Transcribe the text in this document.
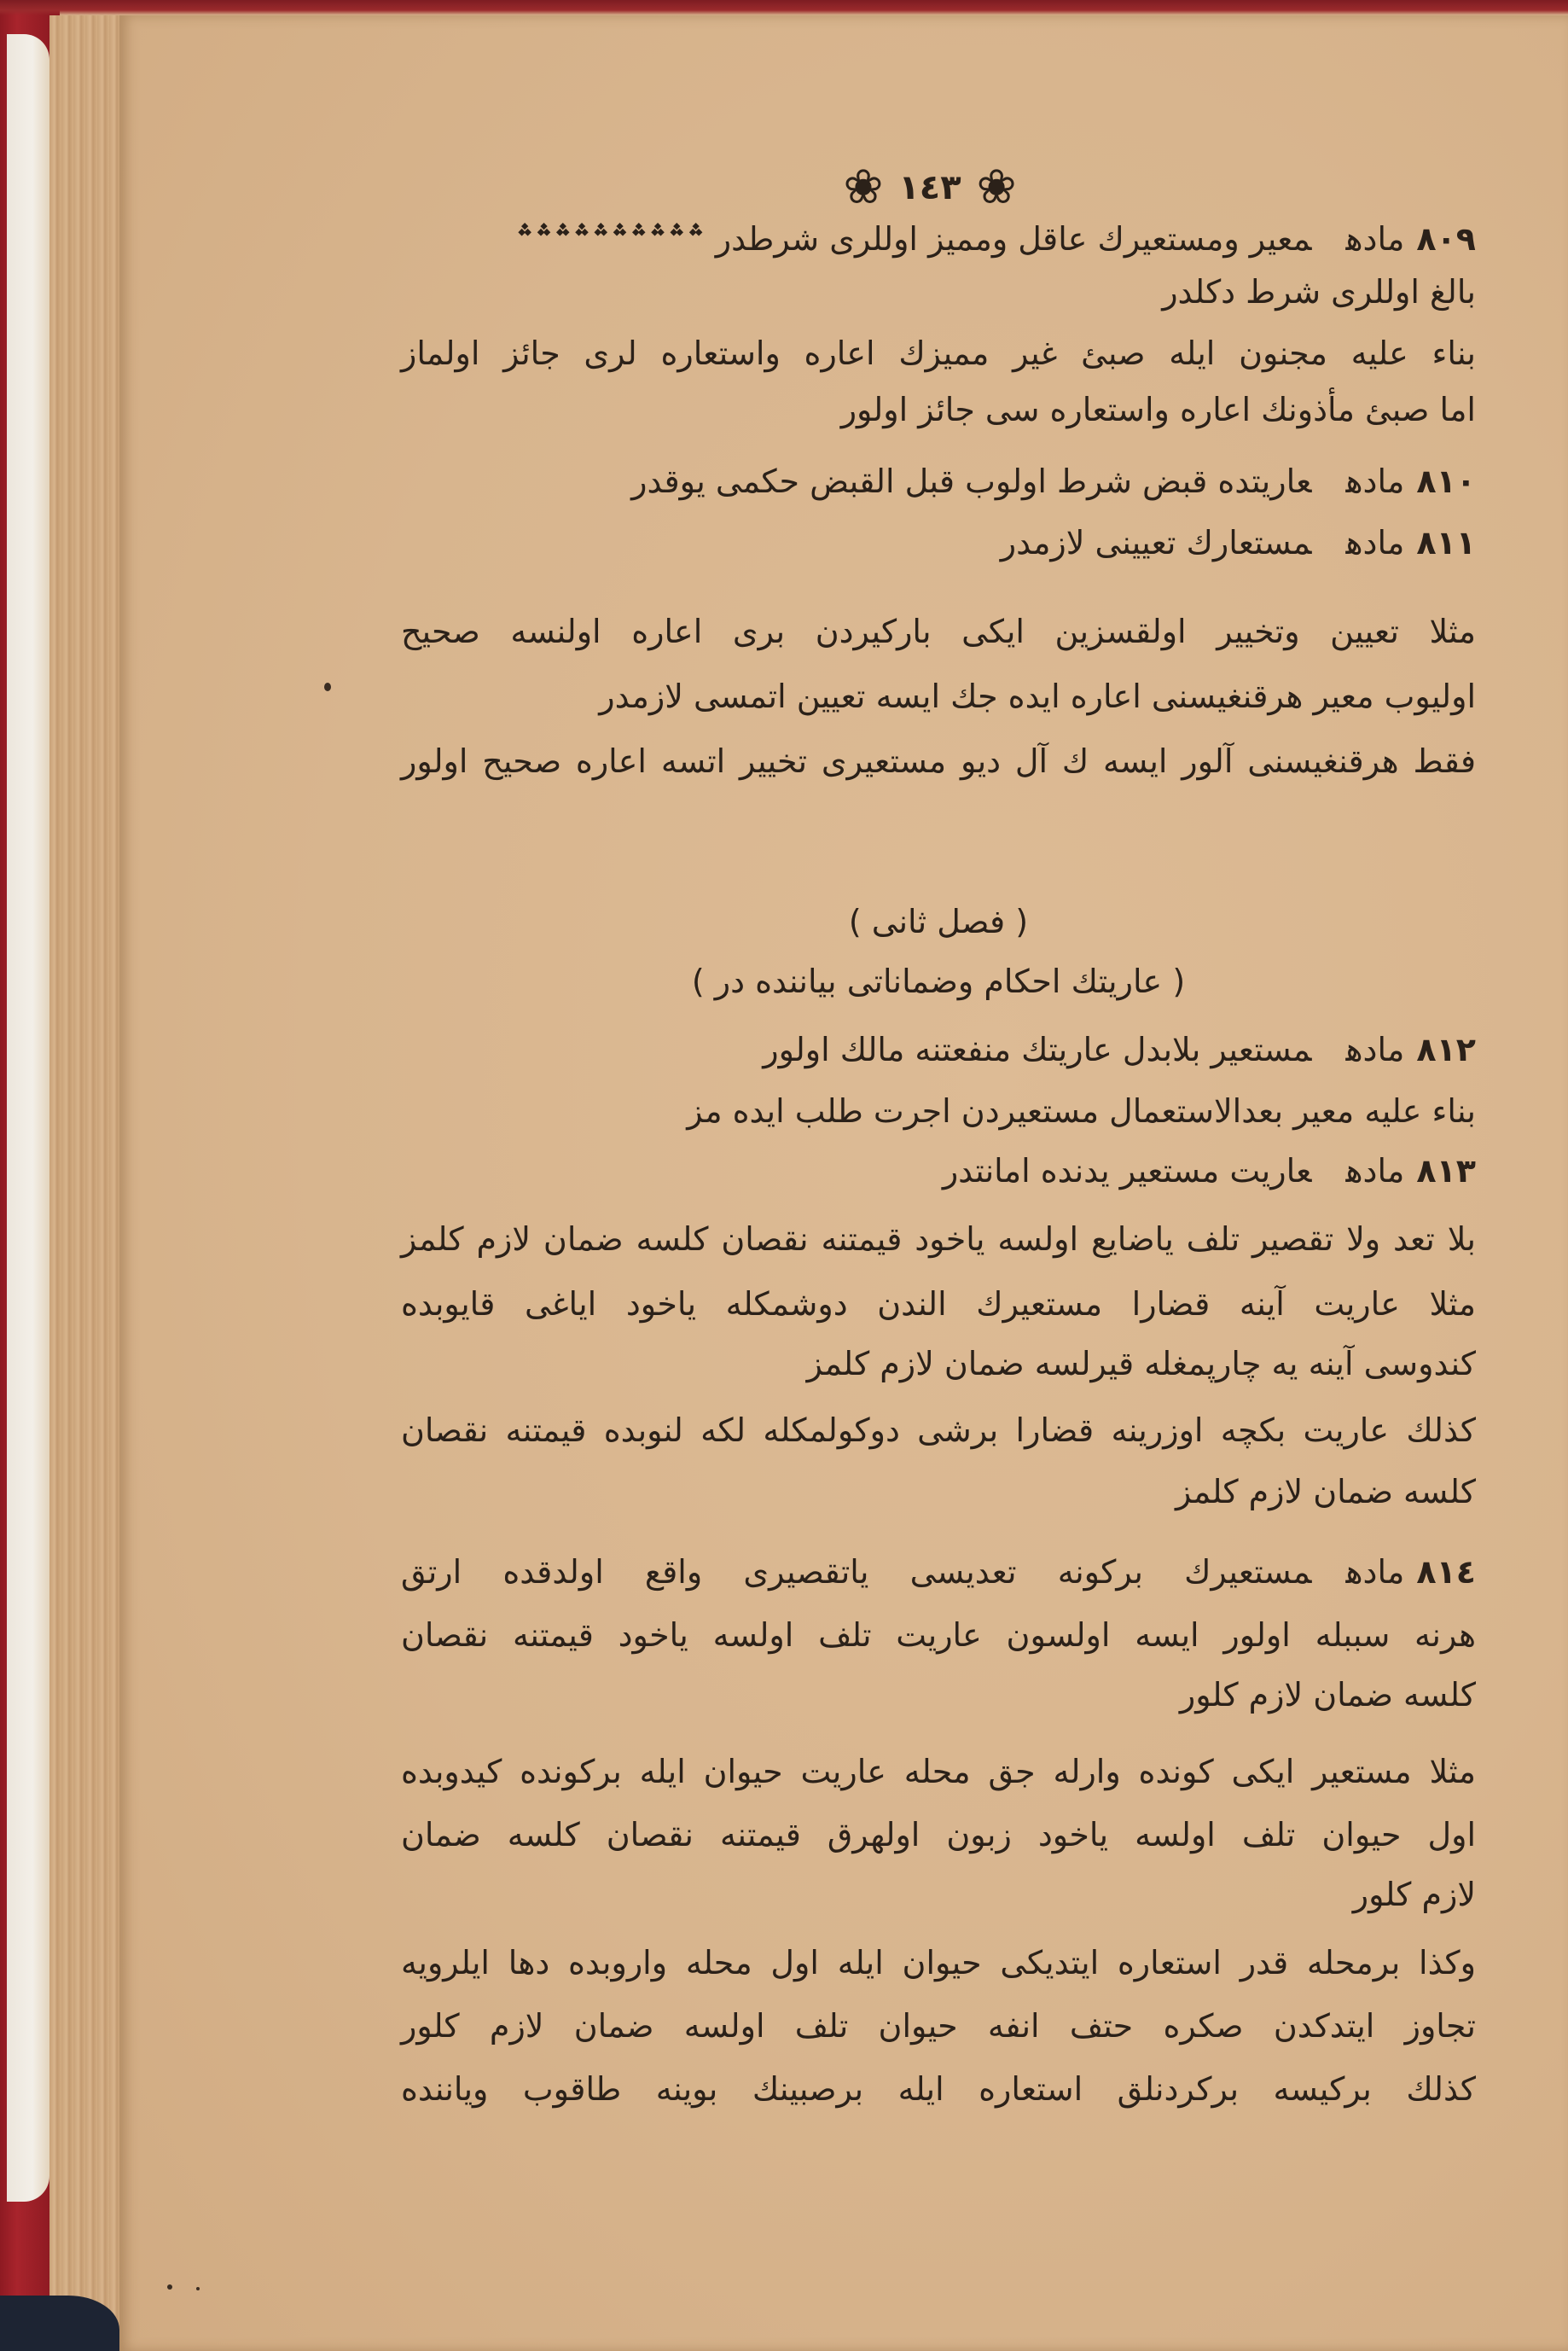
❀
١٤٣
❀
٨٠٩مادهمعير ومستعيرك عاقل ومميز اوللرى شرطدر ؞؞؞؞؞؞؞؞؞؞
بالغ اوللرى شرط دكلدر
بناء عليه مجنون ايله صبئ غير مميزك اعاره واستعاره لرى جائز اولماز
اما صبئ مأذونك اعاره واستعاره سى جائز اولور
٨١٠مادهعاريتده قبض شرط اولوب قبل القبض حكمى يوقدر
٨١١مادهمستعارك تعيينى لازمدر
مثلا تعيين وتخيير اولقسزين ايكى باركيردن برى اعاره اولنسه صحيح
اوليوب معير هرقنغيسنى اعاره ايده جك ايسه تعيين اتمسى لازمدر
فقط هرقنغيسنى آلور ايسه ك آل ديو مستعيرى تخيير اتسه اعاره صحيح اولور
( فصل ثانى )
( عاريتك احكام وضماناتى بياننده در )
٨١٢مادهمستعير بلابدل عاريتك منفعتنه مالك اولور
بناء عليه معير بعدالاستعمال مستعيردن اجرت طلب ايده مز
٨١٣مادهعاريت مستعير يدنده امانتدر
بلا تعد ولا تقصير تلف ياضايع اولسه ياخود قيمتنه نقصان كلسه ضمان لازم كلمز
مثلا عاريت آينه قضارا مستعيرك الندن دوشمكله ياخود اياغى قايوبده
كندوسى آينه يه چارپمغله قيرلسه ضمان لازم كلمز
كذلك عاريت بكچه اوزرينه قضارا برشى دوكولمكله لكه لنوبده قيمتنه نقصان
كلسه ضمان لازم كلمز
٨١٤مادهمستعيرك بركونه تعديسى ياتقصيرى واقع اولدقده ارتق
هرنه سببله اولور ايسه اولسون عاريت تلف اولسه ياخود قيمتنه نقصان
كلسه ضمان لازم كلور
مثلا مستعير ايكى كونده وارله جق محله عاريت حيوان ايله بركونده كيدوبده
اول حيوان تلف اولسه ياخود زبون اولهرق قيمتنه نقصان كلسه ضمان
لازم كلور
وكذا برمحله قدر استعاره ايتديكى حيوان ايله اول محله واروبده دها ايلرويه
تجاوز ايتدكدن صكره حتف انفه حيوان تلف اولسه ضمان لازم كلور
كذلك بركيسه بركردنلق استعاره ايله برصبينك بوينه طاقوب وياننده
